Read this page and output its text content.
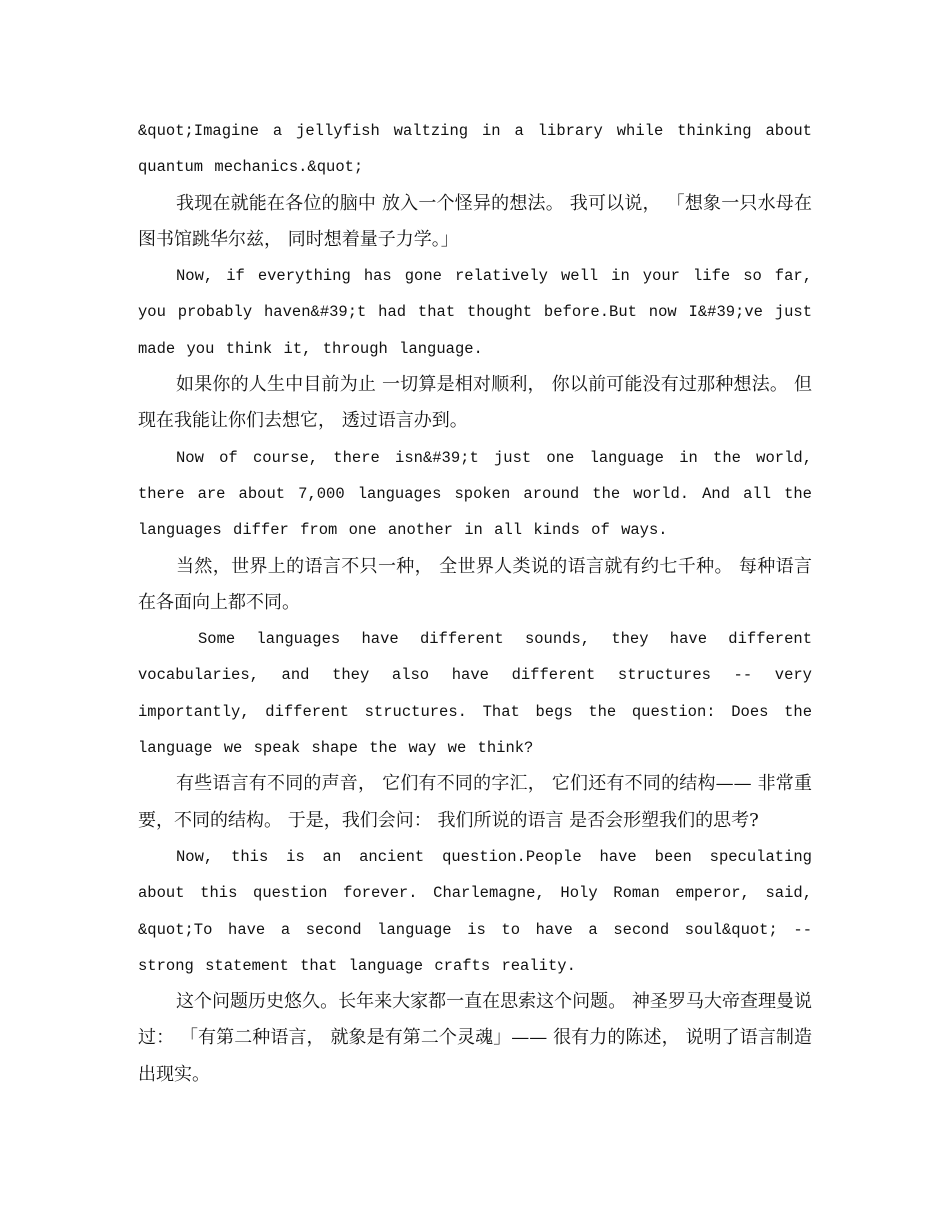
&quot;Imagine a jellyfish waltzing in a library while thinking about quantum mechanics.&quot;

我现在就能在各位的脑中 放入一个怪异的想法。 我可以说， 「想象一只水母在图书馆跳华尔兹， 同时想着量子力学。」

Now, if everything has gone relatively well in your life so far, you probably haven&#39;t had that thought before.But now I&#39;ve just made you think it, through language.

如果你的人生中目前为止 一切算是相对顺利， 你以前可能没有过那种想法。 但现在我能让你们去想它， 透过语言办到。

Now of course, there isn&#39;t just one language in the world, there are about 7,000 languages spoken around the world. And all the languages differ from one another in all kinds of ways.

当然，世界上的语言不只一种， 全世界人类说的语言就有约七千种。 每种语言在各面向上都不同。

Some languages have different sounds, they have different vocabularies, and they also have different structures -- very importantly, different structures. That begs the question: Does the language we speak shape the way we think?

有些语言有不同的声音， 它们有不同的字汇， 它们还有不同的结构—— 非常重要，不同的结构。 于是，我们会问： 我们所说的语言 是否会形塑我们的思考?

Now, this is an ancient question.People have been speculating about this question forever. Charlemagne, Holy Roman emperor, said, &quot;To have a second language is to have a second soul&quot; -- strong statement that language crafts reality.

这个问题历史悠久。长年来大家都一直在思索这个问题。 神圣罗马大帝查理曼说过： 「有第二种语言， 就象是有第二个灵魂」—— 很有力的陈述， 说明了语言制造出现实。
